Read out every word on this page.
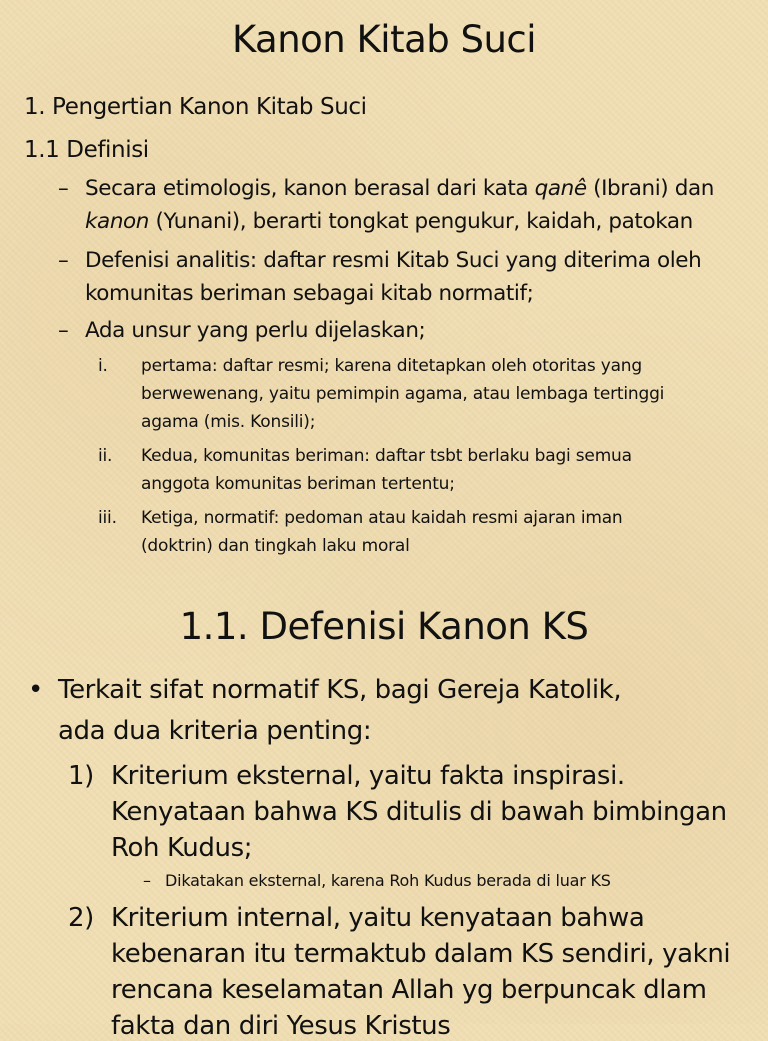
Kanon Kitab Suci
1. Pengertian Kanon Kitab Suci
1.1 Definisi
–
Secara etimologis, kanon berasal dari kata qanê (Ibrani) dan
kanon (Yunani), berarti tongkat pengukur, kaidah, patokan
–
Defenisi analitis: daftar resmi Kitab Suci yang diterima oleh
komunitas beriman sebagai kitab normatif;
–
Ada unsur yang perlu dijelaskan;
i. pertama: daftar resmi; karena ditetapkan oleh otoritas yang
berwewenang, yaitu pemimpin agama, atau lembaga tertinggi
agama (mis. Konsili);
ii. Kedua, komunitas beriman: daftar tsbt berlaku bagi semua
anggota komunitas beriman tertentu;
iii. Ketiga, normatif: pedoman atau kaidah resmi ajaran iman
(doktrin) dan tingkah laku moral
1.1. Defenisi Kanon KS
• Terkait sifat normatif KS, bagi Gereja Katolik,
ada dua kriteria penting:
1) Kriterium eksternal, yaitu fakta inspirasi.
Kenyataan bahwa KS ditulis di bawah bimbingan
Roh Kudus;
–
Dikatakan eksternal, karena Roh Kudus berada di luar KS
2) Kriterium internal, yaitu kenyataan bahwa
kebenaran itu termaktub dalam KS sendiri, yakni
rencana keselamatan Allah yg berpuncak dlam
fakta dan diri Yesus Kristus
